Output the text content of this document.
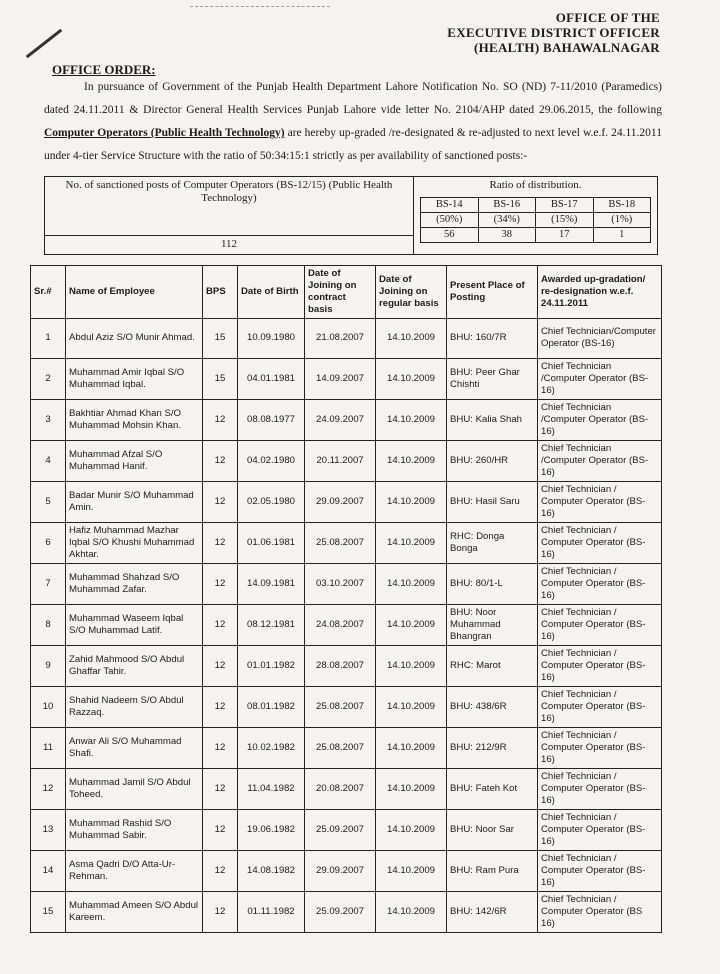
OFFICE OF THE
EXECUTIVE DISTRICT OFFICER
(HEALTH) BAHAWALNAGAR
OFFICE ORDER:
In pursuance of Government of the Punjab Health Department Lahore Notification No. SO (ND) 7-11/2010 (Paramedics) dated 24.11.2011 & Director General Health Services Punjab Lahore vide letter No. 2104/AHP dated 29.06.2015, the following Computer Operators (Public Health Technology) are hereby up-graded /re-designated & re-adjusted to next level w.e.f. 24.11.2011 under 4-tier Service Structure with the ratio of 50:34:15:1 strictly as per availability of sanctioned posts:-
No. of sanctioned posts of Computer Operators (BS-12/15) (Public Health Technology)	
Ratio of distribution.
BS-14	BS-16	BS-17	BS-18
(50%)	(34%)	(15%)	(1%)
56	38	17	1

112
Sr.#	Name of Employee	BPS	Date of Birth	Date of Joining on contract basis	Date of Joining on regular basis	Present Place of Posting	Awarded up-gradation/ re-designation w.e.f. 24.11.2011
1	Abdul Aziz S/O Munir Ahmad.	15	10.09.1980	21.08.2007	14.10.2009	BHU: 160/7R	Chief Technician/Computer Operator (BS-16)
2	Muhammad Amir Iqbal S/O Muhammad Iqbal.	15	04.01.1981	14.09.2007	14.10.2009	BHU: Peer Ghar Chishti	Chief Technician /Computer Operator (BS-16)
3	Bakhtiar Ahmad Khan S/O Muhammad Mohsin Khan.	12	08.08.1977	24.09.2007	14.10.2009	BHU: Kalia Shah	Chief Technician /Computer Operator (BS-16)
4	Muhammad Afzal S/O Muhammad Hanif.	12	04.02.1980	20.11.2007	14.10.2009	BHU: 260/HR	Chief Technician /Computer Operator (BS-16)
5	Badar Munir S/O Muhammad Amin.	12	02.05.1980	29.09.2007	14.10.2009	BHU: Hasil Saru	Chief Technician / Computer Operator (BS-16)
6	Hafiz Muhammad Mazhar Iqbal S/O Khushi Muhammad Akhtar.	12	01.06.1981	25.08.2007	14.10.2009	RHC: Donga Bonga	Chief Technician / Computer Operator (BS-16)
7	Muhammad Shahzad S/O Muhammad Zafar.	12	14.09.1981	03.10.2007	14.10.2009	BHU: 80/1-L	Chief Technician / Computer Operator (BS-16)
8	Muhammad Waseem Iqbal S/O Muhammad Latif.	12	08.12.1981	24.08.2007	14.10.2009	BHU: Noor Muhammad Bhangran	Chief Technician / Computer Operator (BS-16)
9	Zahid Mahmood S/O Abdul Ghaffar Tahir.	12	01.01.1982	28.08.2007	14.10.2009	RHC: Marot	Chief Technician / Computer Operator (BS-16)
10	Shahid Nadeem S/O Abdul Razzaq.	12	08.01.1982	25.08.2007	14.10.2009	BHU: 438/6R	Chief Technician / Computer Operator (BS-16)
11	Anwar Ali S/O Muhammad Shafi.	12	10.02.1982	25.08.2007	14.10.2009	BHU: 212/9R	Chief Technician / Computer Operator (BS-16)
12	Muhammad Jamil S/O Abdul Toheed.	12	11.04.1982	20.08.2007	14.10.2009	BHU: Fateh Kot	Chief Technician / Computer Operator (BS-16)
13	Muhammad Rashid S/O Muhammad Sabir.	12	19.06.1982	25.09.2007	14.10.2009	BHU: Noor Sar	Chief Technician / Computer Operator (BS-16)
14	Asma Qadri D/O Atta-Ur-Rehman.	12	14.08.1982	29.09.2007	14.10.2009	BHU: Ram Pura	Chief Technician / Computer Operator (BS-16)
15	Muhammad Ameen S/O Abdul Kareem.	12	01.11.1982	25.09.2007	14.10.2009	BHU: 142/6R	Chief Technician / Computer Operator (BS 16)
